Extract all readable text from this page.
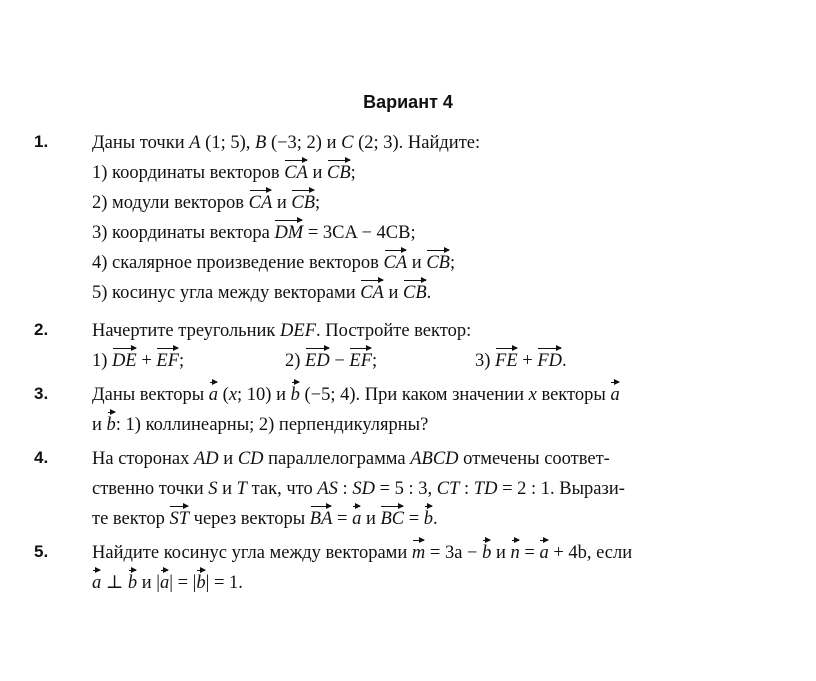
Вариант 4
1. Даны точки A (1; 5), B (−3; 2) и C (2; 3). Найдите:
1) координаты векторов CA и CB;
2) модули векторов CA и CB;
3) координаты вектора DM = 3CA − 4CB;
4) скалярное произведение векторов CA и CB;
5) косинус угла между векторами CA и CB.
2. Начертите треугольник DEF. Постройте вектор:
1) DE + EF;	2) ED − EF;	3) FE + FD.
3. Даны векторы a (x; 10) и b (−5; 4). При каком значении x векторы a
и b: 1) коллинеарны; 2) перпендикулярны?
4. На сторонах AD и CD параллелограмма ABCD отмечены соответ-
ственно точки S и T так, что AS : SD = 5 : 3, CT : TD = 2 : 1. Вырази-
те вектор ST через векторы BA = a и BC = b.
5. Найдите косинус угла между векторами m = 3a − b и n = a + 4b, если
a ⊥ b и |a| = |b| = 1.
